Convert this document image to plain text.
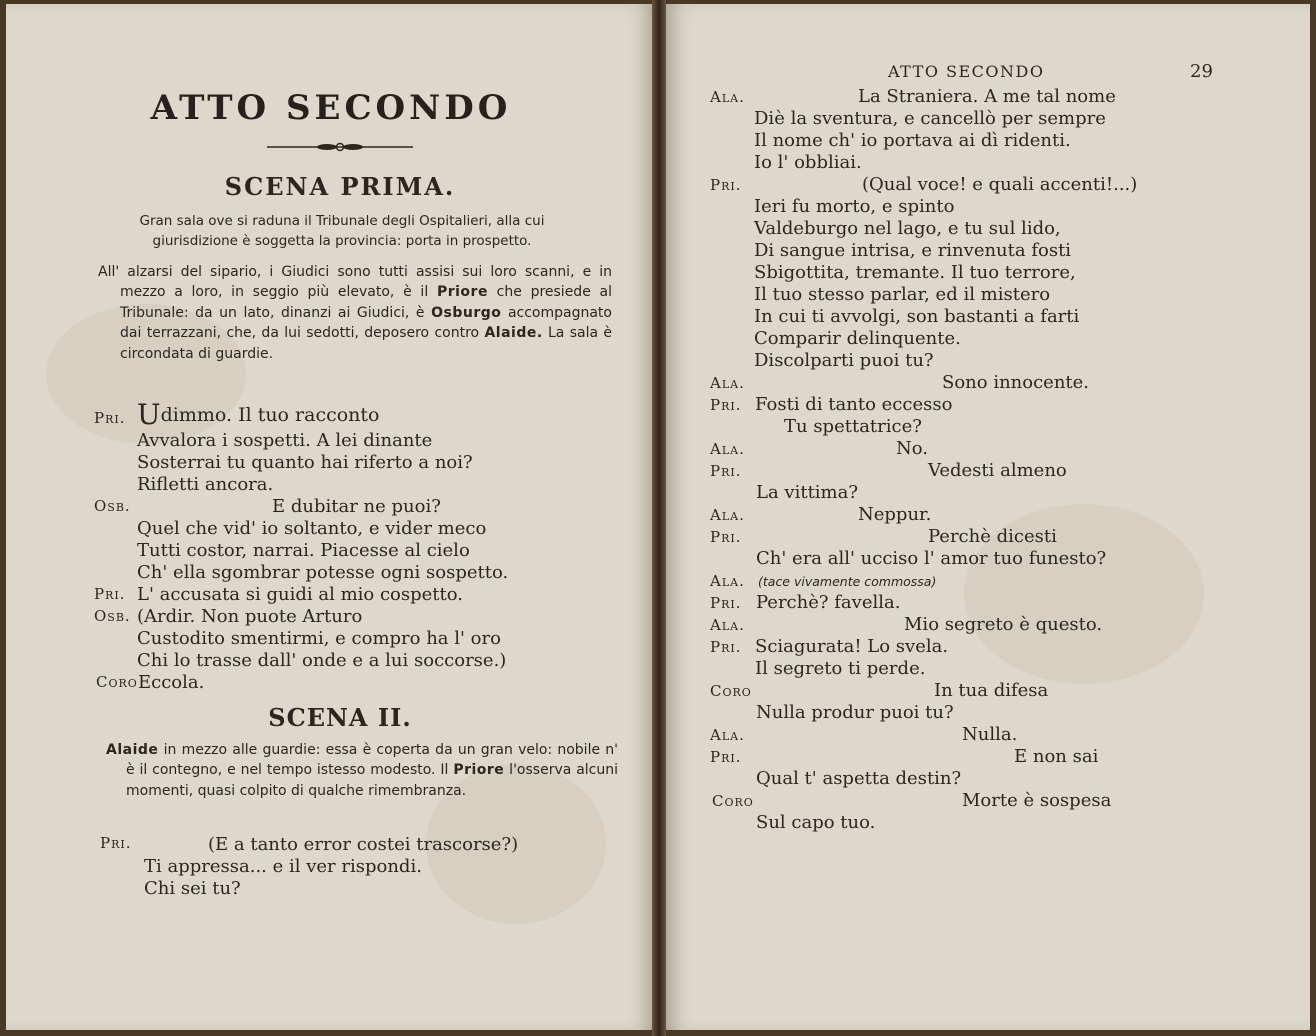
ATTO SECONDO
SCENA PRIMA.
Gran sala ove si raduna il Tribunale degli Ospitalieri, alla cui giurisdizione è soggetta la provincia: porta in prospetto.
All' alzarsi del sipario, i Giudici sono tutti assisi sui loro scanni, e in mezzo a loro, in seggio più elevato, è il Priore che presiede al Tribunale: da un lato, dinanzi ai Giudici, è Osburgo accompagnato dai terrazzani, che, da lui sedotti, deposero contro Alaide. La sala è circondata di guardie.
Pri.
Osb.
Pri.
Osb.
Coro
Pri.
Udimmo. Il tuo racconto
Avvalora i sospetti. A lei dinante
Sosterrai tu quanto hai riferto a noi?
Rifletti ancora.
E dubitar ne puoi?
Quel che vid' io soltanto, e vider meco
Tutti costor, narrai. Piacesse al cielo
Ch' ella sgombrar potesse ogni sospetto.
L' accusata si guidi al mio cospetto.
(Ardir. Non puote Arturo
Custodito smentirmi, e compro ha l' oro
Chi lo trasse dall' onde e a lui soccorse.)
Eccola.
SCENA II.
Alaide in mezzo alle guardie: essa è coperta da un gran velo: nobile n' è il contegno, e nel tempo istesso modesto. Il Priore l'osserva alcuni momenti, quasi colpito di qualche rimembranza.
(E a tanto error costei trascorse?)
Ti appressa... e il ver rispondi.
Chi sei tu?
ATTO SECONDO	29
Ala.
Pri.
Ala.
Pri.
Ala.
Pri.
Ala.
Pri.
Ala.
Pri.
Ala.
Pri.
Coro
Ala.
Pri.
Coro
La Straniera. A me tal nome
Diè la sventura, e cancellò per sempre
Il nome ch' io portava ai dì ridenti.
Io l' obbliai.
(Qual voce! e quali accenti!...)
Ieri fu morto, e spinto
Valdeburgo nel lago, e tu sul lido,
Di sangue intrisa, e rinvenuta fosti
Sbigottita, tremante. Il tuo terrore,
Il tuo stesso parlar, ed il mistero
In cui ti avvolgi, son bastanti a farti
Comparir delinquente.
Discolparti puoi tu?
Sono innocente.
Fosti di tanto eccesso
Tu spettatrice?
No.
Vedesti almeno
La vittima?
Neppur.
Perchè dicesti
Ch' era all' ucciso l' amor tuo funesto?
(tace vivamente commossa)
Perchè? favella.
Mio segreto è questo.
Sciagurata! Lo svela.
Il segreto ti perde.
In tua difesa
Nulla produr puoi tu?
Nulla.
E non sai
Qual t' aspetta destin?
Morte è sospesa
Sul capo tuo.
